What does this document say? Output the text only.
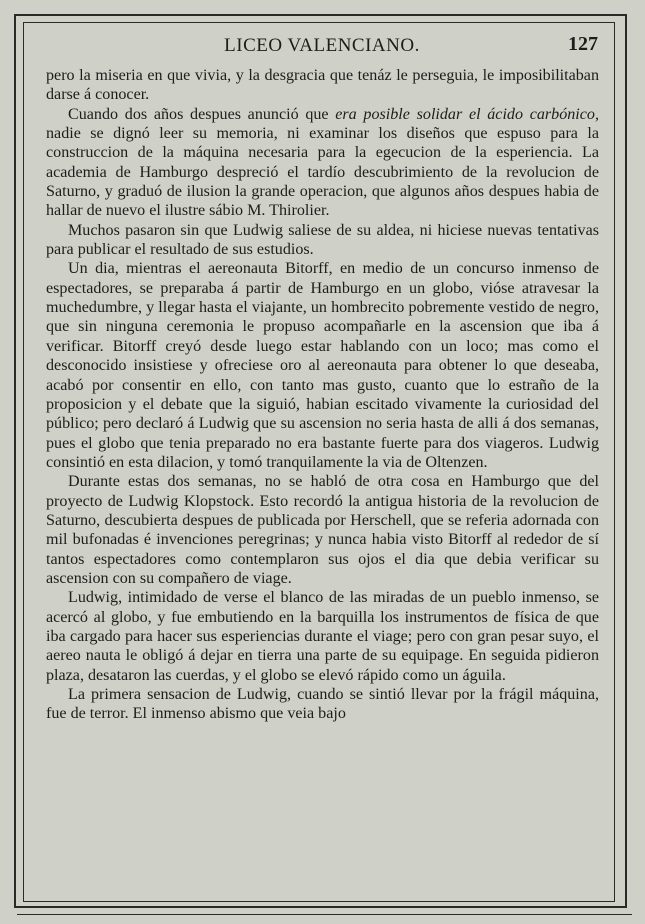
LICEO VALENCIANO.	127

pero la miseria en que vivia, y la desgracia que tenáz le perseguia, le imposibilitaban darse á conocer.

Cuando dos años despues anunció que era posible solidar el ácido carbónico, nadie se dignó leer su memoria, ni examinar los diseños que espuso para la construccion de la máquina necesaria para la egecucion de la esperiencia. La academia de Hamburgo despreció el tardío descubrimiento de la revolucion de Saturno, y graduó de ilusion la grande operacion, que algunos años despues habia de hallar de nuevo el ilustre sábio M. Thirolier.

Muchos pasaron sin que Ludwig saliese de su aldea, ni hiciese nuevas tentativas para publicar el resultado de sus estudios.

Un dia, mientras el aereonauta Bitorff, en medio de un concurso inmenso de espectadores, se preparaba á partir de Hamburgo en un globo, vióse atravesar la muchedumbre, y llegar hasta el viajante, un hombrecito pobremente vestido de negro, que sin ninguna ceremonia le propuso acompañarle en la ascension que iba á verificar. Bitorff creyó desde luego estar hablando con un loco; mas como el desconocido insistiese y ofreciese oro al aereonauta para obtener lo que deseaba, acabó por consentir en ello, con tanto mas gusto, cuanto que lo estraño de la proposicion y el debate que la siguió, habian escitado vivamente la curiosidad del público; pero declaró á Ludwig que su ascension no seria hasta de alli á dos semanas, pues el globo que tenia preparado no era bastante fuerte para dos viageros. Ludwig consintió en esta dilacion, y tomó tranquilamente la via de Oltenzen.

Durante estas dos semanas, no se habló de otra cosa en Hamburgo que del proyecto de Ludwig Klopstock. Esto recordó la antigua historia de la revolucion de Saturno, descubierta despues de publicada por Herschell, que se referia adornada con mil bufonadas é invenciones peregrinas; y nunca habia visto Bitorff al rededor de sí tantos espectadores como contemplaron sus ojos el dia que debia verificar su ascension con su compañero de viage.

Ludwig, intimidado de verse el blanco de las miradas de un pueblo inmenso, se acercó al globo, y fue embutiendo en la barquilla los instrumentos de física de que iba cargado para hacer sus esperiencias durante el viage; pero con gran pesar suyo, el aereo nauta le obligó á dejar en tierra una parte de su equipage. En seguida pidieron plaza, desataron las cuerdas, y el globo se elevó rápido como un águila.

La primera sensacion de Ludwig, cuando se sintió llevar por la frágil máquina, fue de terror. El inmenso abismo que veia bajo
